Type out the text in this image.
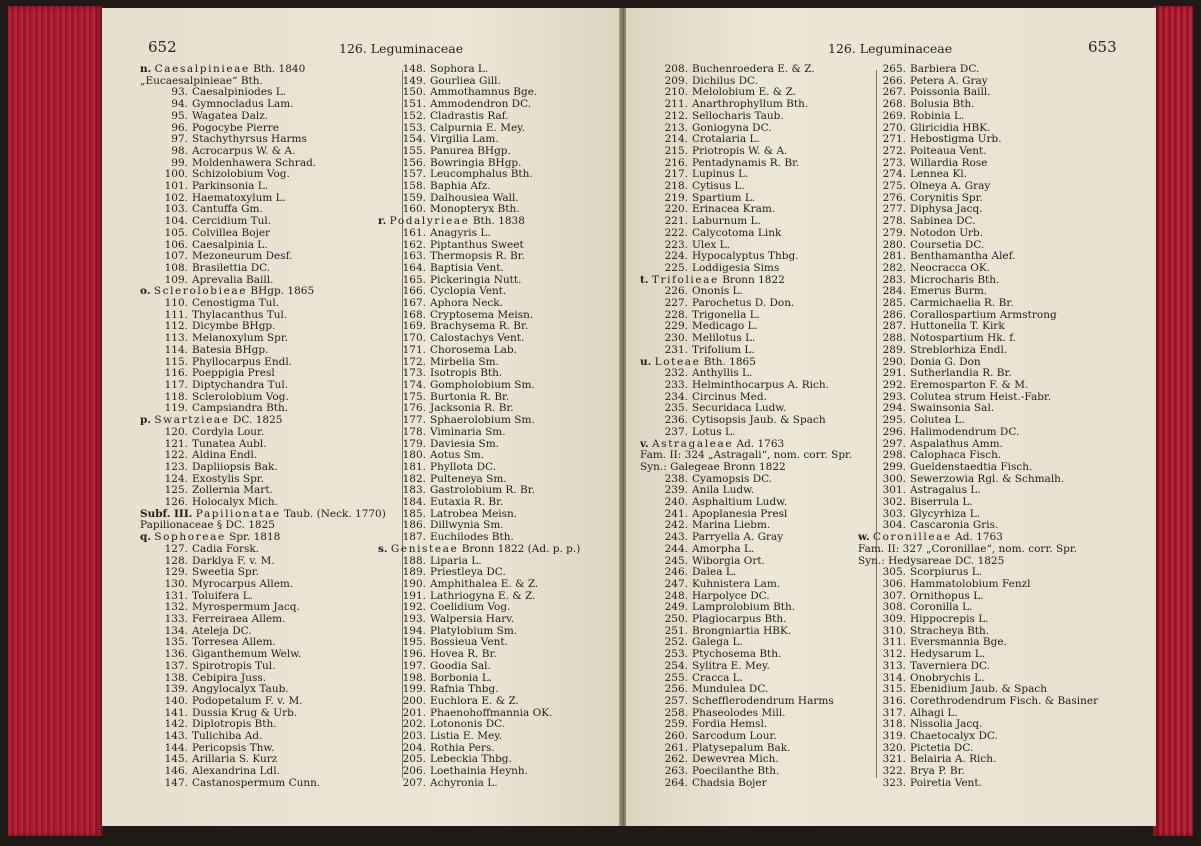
652	126. Leguminaceae
n. Caesalpinieae Bth. 1840
„Eucaesalpinieae“ Bth.
93. Caesalpiniodes L.
94. Gymnocladus Lam.
95. Wagatea Dalz.
96. Pogocybe Pierre
97. Stachythyrsus Harms
98. Acrocarpus W. & A.
99. Moldenhawera Schrad.
100. Schizolobium Vog.
101. Parkinsonia L.
102. Haematoxylum L.
103. Cantuffa Gm.
104. Cercidium Tul.
105. Colvillea Bojer
106. Caesalpinia L.
107. Mezoneurum Desf.
108. Brasilettia DC.
109. Aprevalia Baill.
o. Sclerolobieae BHgp. 1865
110. Cenostigma Tul.
111. Thylacanthus Tul.
112. Dicymbe BHgp.
113. Melanoxylum Spr.
114. Batesia BHgp.
115. Phyllocarpus Endl.
116. Poeppigia Presl
117. Diptychandra Tul.
118. Sclerolobium Vog.
119. Campsiandra Bth.
p. Swartzieae DC. 1825
120. Cordyla Lour.
121. Tunatea Aubl.
122. Aldina Endl.
123. Dapliiopsis Bak.
124. Exostylis Spr.
125. Zollernia Mart.
126. Holocalyx Mich.
Subf. III. Papilionatae Taub. (Neck. 1770)
Papilionaceae § DC. 1825
q. Sophoreae Spr. 1818
127. Cadia Forsk.
128. Darklya F. v. M.
129. Sweetia Spr.
130. Myrocarpus Allem.
131. Toluifera L.
132. Myrospermum Jacq.
133. Ferreiraea Allem.
134. Ateleja DC.
135. Torresea Allem.
136. Giganthemum Welw.
137. Spirotropis Tul.
138. Cebipira Juss.
139. Angylocalyx Taub.
140. Podopetalum F. v. M.
141. Dussia Krug & Urb.
142. Diplotropis Bth.
143. Tulichiba Ad.
144. Pericopsis Thw.
145. Arillaria S. Kurz
146. Alexandrina Ldl.
147. Castanospermum Cunn.
148. Sophora L.
149. Gourliea Gill.
150. Ammothamnus Bge.
151. Ammodendron DC.
152. Cladrastis Raf.
153. Calpurnia E. Mey.
154. Virgilia Lam.
155. Panurea BHgp.
156. Bowringia BHgp.
157. Leucomphalus Bth.
158. Baphia Afz.
159. Dalhousiea Wall.
160. Monopteryx Bth.
r. Podalyrieae Bth. 1838
161. Anagyris L.
162. Piptanthus Sweet
163. Thermopsis R. Br.
164. Baptisia Vent.
165. Pickeringia Nutt.
166. Cyclopia Vent.
167. Aphora Neck.
168. Cryptosema Meisn.
169. Brachysema R. Br.
170. Calostachys Vent.
171. Chorosema Lab.
172. Mirbelia Sm.
173. Isotropis Bth.
174. Gompholobium Sm.
175. Burtonia R. Br.
176. Jacksonia R. Br.
177. Sphaerolobium Sm.
178. Viminaria Sm.
179. Daviesia Sm.
180. Aotus Sm.
181. Phyllota DC.
182. Pulteneya Sm.
183. Gastrolobium R. Br.
184. Eutaxia R. Br.
185. Latrobea Meisn.
186. Dillwynia Sm.
187. Euchilodes Bth.
s. Genisteae Bronn 1822 (Ad. p. p.)
188. Liparia L.
189. Priestleya DC.
190. Amphithalea E. & Z.
191. Lathriogyna E. & Z.
192. Coelidium Vog.
193. Walpersia Harv.
194. Platylobium Sm.
195. Bossieua Vent.
196. Hovea R. Br.
197. Goodia Sal.
198. Borbonia L.
199. Rafnia Thbg.
200. Euchlora E. & Z.
201. Phaenohoffmannia OK.
202. Lotononis DC.
203. Listia E. Mey.
204. Rothia Pers.
205. Lebeckia Thbg.
206. Loethainia Heynh.
207. Achyronia L.
653
126. Leguminaceae
208. Buchenroedera E. & Z.
209. Dichilus DC.
210. Melolobium E. & Z.
211. Anarthrophyllum Bth.
212. Sellocharis Taub.
213. Goniogyna DC.
214. Crotalaria L.
215. Priotropis W. & A.
216. Pentadynamis R. Br.
217. Lupinus L.
218. Cytisus L.
219. Spartium L.
220. Erinacea Kram.
221. Laburnum L.
222. Calycotoma Link
223. Ulex L.
224. Hypocalyptus Thbg.
225. Loddigesia Sims
t. Trifolieae Bronn 1822
226. Ononis L.
227. Parochetus D. Don.
228. Trigonella L.
229. Medicago L.
230. Melilotus L.
231. Trifolium L.
u. Loteae Bth. 1865
232. Anthyllis L.
233. Helminthocarpus A. Rich.
234. Circinus Med.
235. Securidaca Ludw.
236. Cytisopsis Jaub. & Spach
237. Lotus L.
v. Astragaleae Ad. 1763
Fam. II: 324 „Astragali“, nom. corr. Spr.
Syn.: Galegeae Bronn 1822
238. Cyamopsis DC.
239. Anila Ludw.
240. Asphaltium Ludw.
241. Apoplanesia Presl
242. Marina Liebm.
243. Parryella A. Gray
244. Amorpha L.
245. Wiborgia Ort.
246. Dalea L.
247. Kuhnistera Lam.
248. Harpolyce DC.
249. Lamprolobium Bth.
250. Plagiocarpus Bth.
251. Brongniartia HBK.
252. Galega L.
253. Ptychosema Bth.
254. Sylitra E. Mey.
255. Cracca L.
256. Mundulea DC.
257. Schefflerodendrum Harms
258. Phaseolodes Mill.
259. Fordia Hemsl.
260. Sarcodum Lour.
261. Platysepalum Bak.
262. Dewevrea Mich.
263. Poecilanthe Bth.
264. Chadsia Bojer
265. Barbiera DC.
266. Petera A. Gray
267. Poissonia Baill.
268. Bolusia Bth.
269. Robinia L.
270. Gliricidia HBK.
271. Hebostigma Urb.
272. Poiteaua Vent.
273. Willardia Rose
274. Lennea Kl.
275. Olneya A. Gray
276. Corynitis Spr.
277. Diphysa Jacq.
278. Sabinea DC.
279. Notodon Urb.
280. Coursetia DC.
281. Benthamantha Alef.
282. Neocracca OK.
283. Microcharis Bth.
284. Emerus Burm.
285. Carmichaelia R. Br.
286. Corallospartium Armstrong
287. Huttonella T. Kirk
288. Notospartium Hk. f.
289. Streblorhiza Endl.
290. Donia G. Don
291. Sutherlandia R. Br.
292. Eremosparton F. & M.
293. Colutea strum Heist.-Fabr.
294. Swainsonia Sal.
295. Colutea L.
296. Halimodendrum DC.
297. Aspalathus Amm.
298. Calophaca Fisch.
299. Gueldenstaedtia Fisch.
300. Sewerzowia Rgl. & Schmalh.
301. Astragalus L.
302. Biserrula L.
303. Glycyrhiza L.
304. Cascaronia Gris.
w. Coronilleae Ad. 1763
Fam. II: 327 „Coronillae“, nom. corr. Spr.
Syn.: Hedysareae DC. 1825
305. Scorpiurus L.
306. Hammatolobium Fenzl
307. Ornithopus L.
308. Coronilla L.
309. Hippocrepis L.
310. Stracheya Bth.
311. Eversmannia Bge.
312. Hedysarum L.
313. Taverniera DC.
314. Onobrychis L.
315. Ebenidium Jaub. & Spach
316. Corethrodendrum Fisch. & Basiner
317. Alhagi L.
318. Nissolia Jacq.
319. Chaetocalyx DC.
320. Pictetia DC.
321. Belairia A. Rich.
322. Brya P. Br.
323. Poiretia Vent.
